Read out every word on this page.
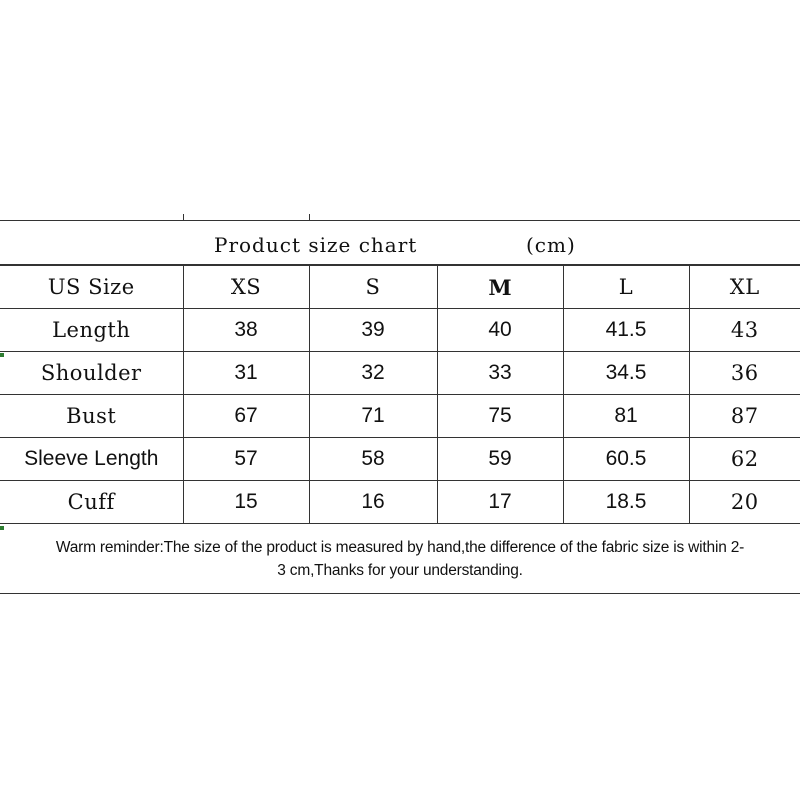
Product size chart	(cm)
US Size	XS	S	M	L	XL
Length	38	39	40	41.5	43
Shoulder	31	32	33	34.5	36
Bust	67	71	75	81	87
Sleeve Length	57	58	59	60.5	62
Cuff	15	16	17	18.5	20
Warm reminder:The size of the product is measured by hand,the difference of the fabric size is within 2-
3 cm,Thanks for your understanding.
